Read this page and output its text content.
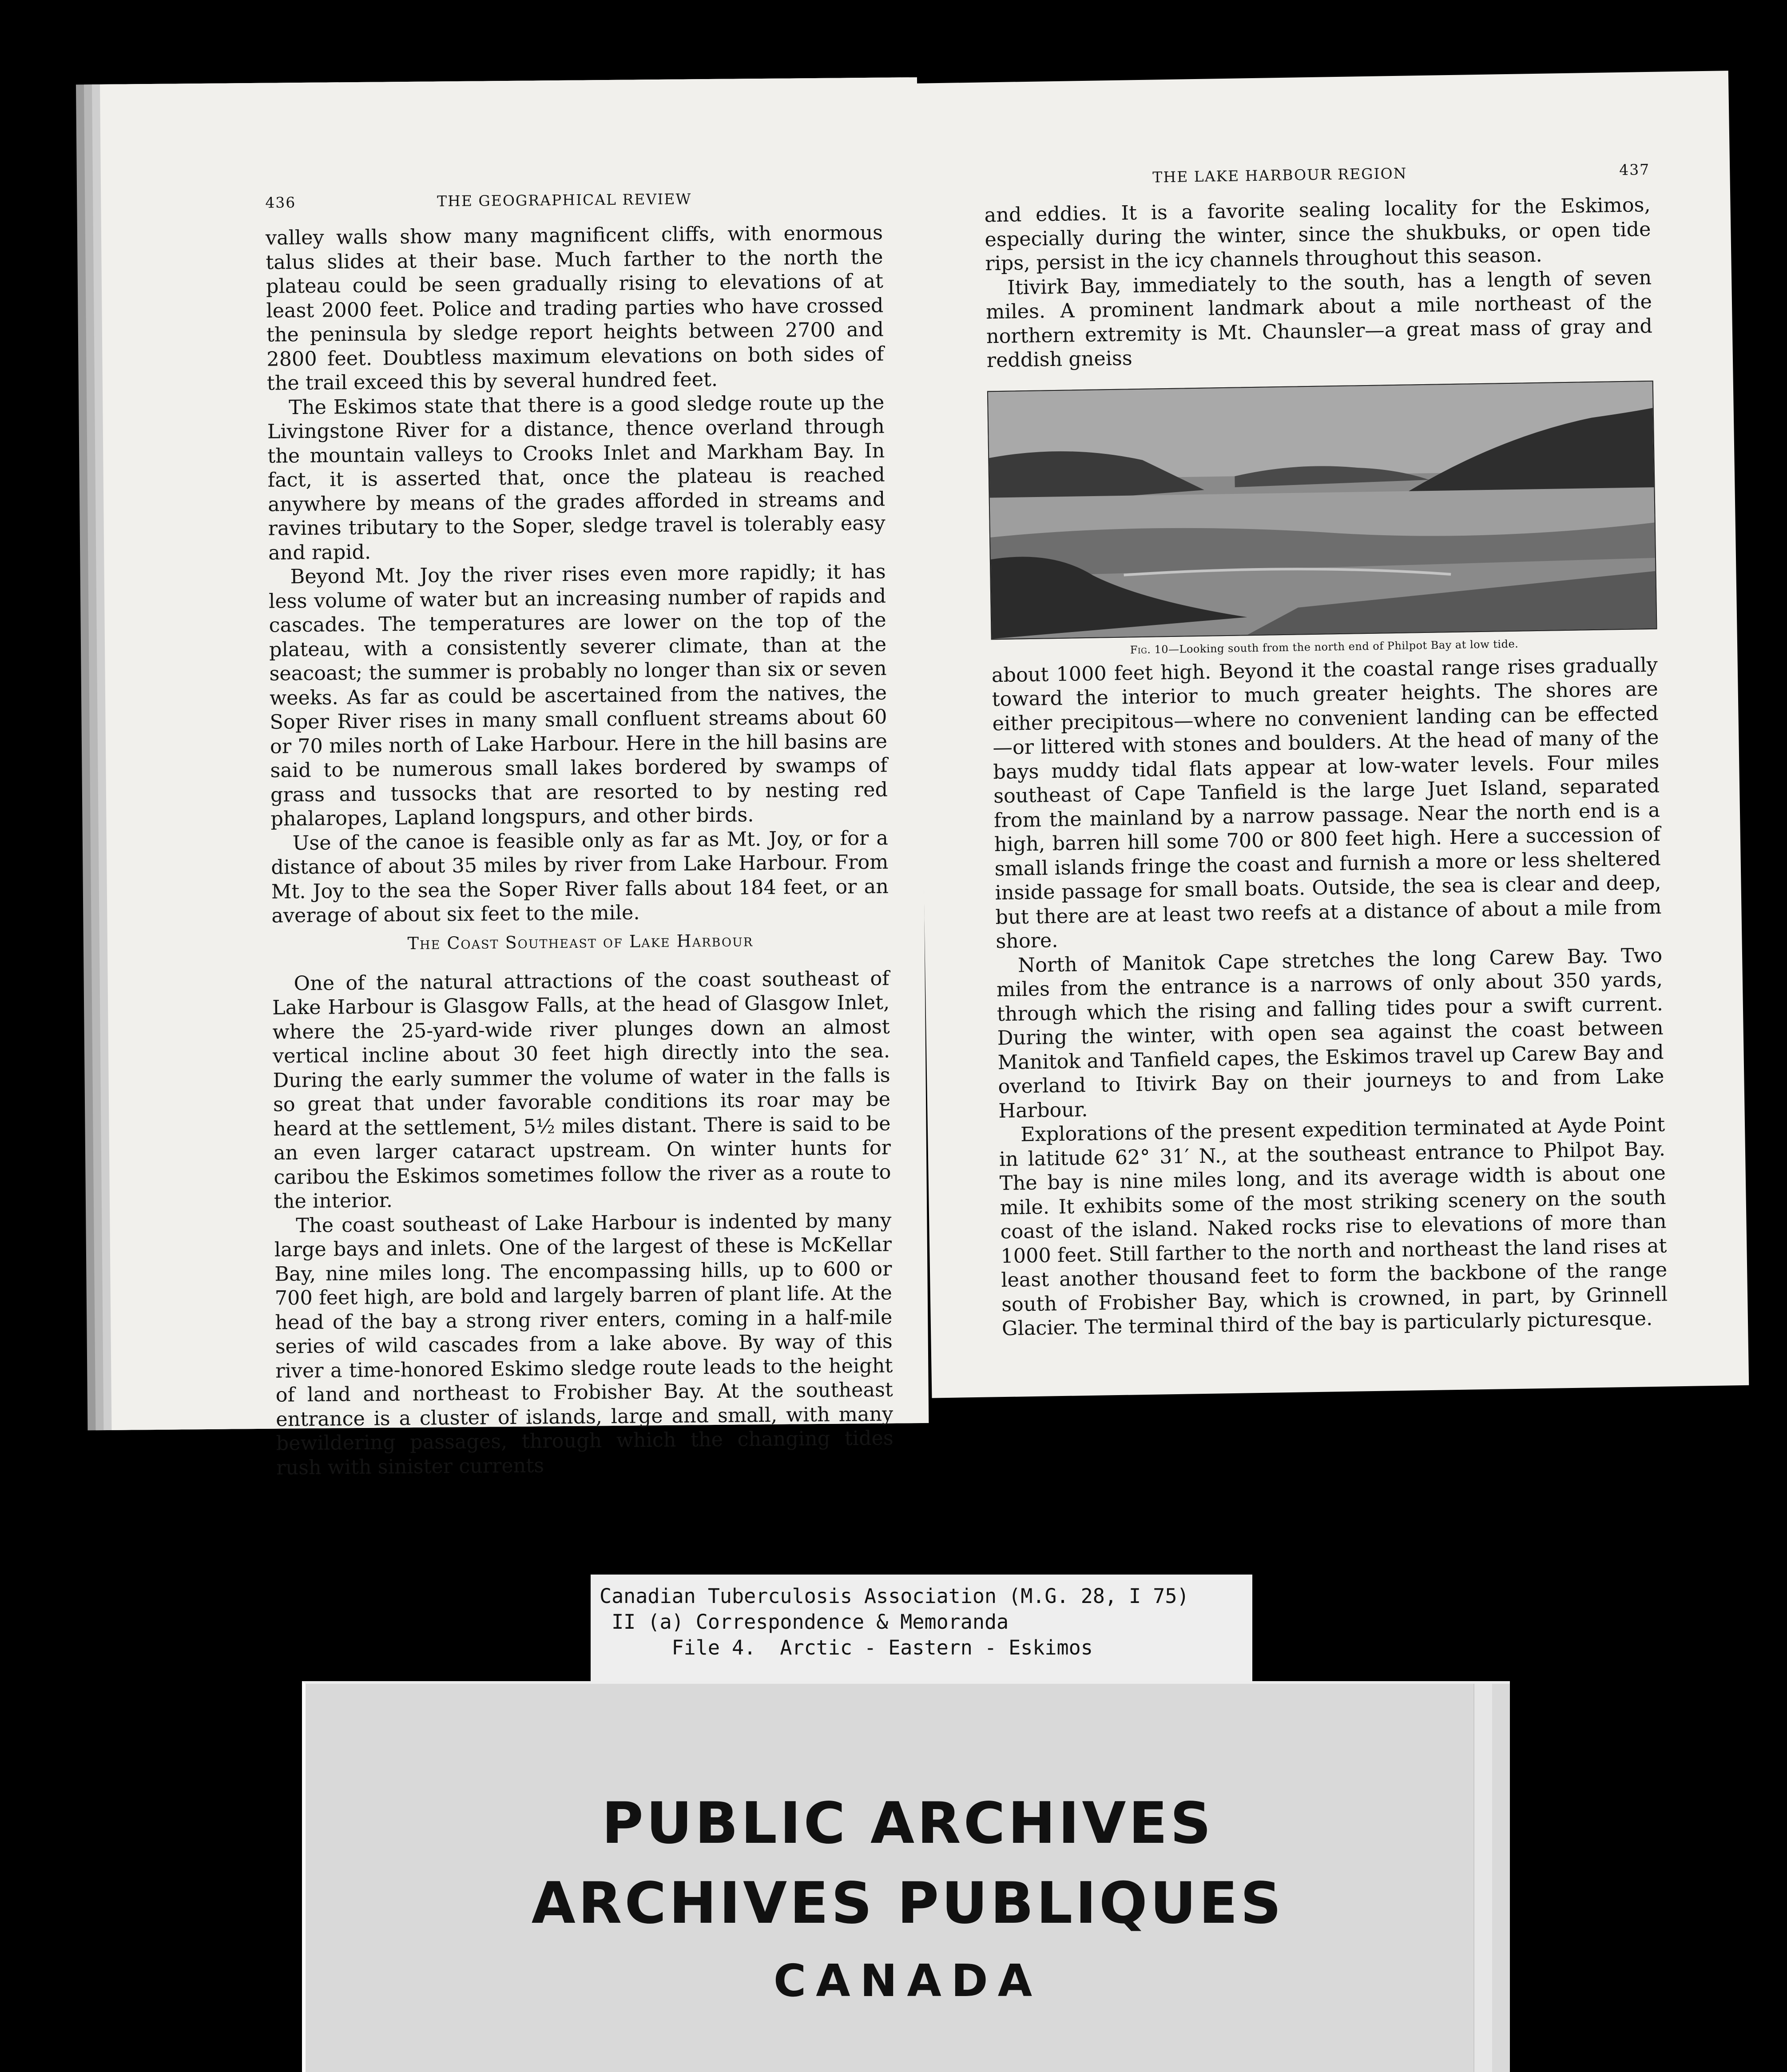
436	THE GEOGRAPHICAL REVIEW

valley walls show many magnificent cliffs, with enormous talus slides at their base. Much farther to the north the plateau could be seen gradually rising to elevations of at least 2000 feet. Police and trading parties who have crossed the peninsula by sledge report heights between 2700 and 2800 feet. Doubtless maximum elevations on both sides of the trail exceed this by several hundred feet.

The Eskimos state that there is a good sledge route up the Livingstone River for a distance, thence overland through the mountain valleys to Crooks Inlet and Markham Bay. In fact, it is asserted that, once the plateau is reached anywhere by means of the grades afforded in streams and ravines tributary to the Soper, sledge travel is tolerably easy and rapid.

Beyond Mt. Joy the river rises even more rapidly; it has less volume of water but an increasing number of rapids and cascades. The temperatures are lower on the top of the plateau, with a consistently severer climate, than at the seacoast; the summer is probably no longer than six or seven weeks. As far as could be ascertained from the natives, the Soper River rises in many small confluent streams about 60 or 70 miles north of Lake Harbour. Here in the hill basins are said to be numerous small lakes bordered by swamps of grass and tussocks that are resorted to by nesting red phalaropes, Lapland longspurs, and other birds.

Use of the canoe is feasible only as far as Mt. Joy, or for a distance of about 35 miles by river from Lake Harbour. From Mt. Joy to the sea the Soper River falls about 184 feet, or an average of about six feet to the mile.

The Coast Southeast of Lake Harbour

One of the natural attractions of the coast southeast of Lake Harbour is Glasgow Falls, at the head of Glasgow Inlet, where the 25-yard-wide river plunges down an almost vertical incline about 30 feet high directly into the sea. During the early summer the volume of water in the falls is so great that under favorable conditions its roar may be heard at the settlement, 5½ miles distant. There is said to be an even larger cataract upstream. On winter hunts for caribou the Eskimos sometimes follow the river as a route to the interior.

The coast southeast of Lake Harbour is indented by many large bays and inlets. One of the largest of these is McKellar Bay, nine miles long. The encompassing hills, up to 600 or 700 feet high, are bold and largely barren of plant life. At the head of the bay a strong river enters, coming in a half-mile series of wild cascades from a lake above. By way of this river a time-honored Eskimo sledge route leads to the height of land and northeast to Frobisher Bay. At the southeast entrance is a cluster of islands, large and small, with many bewildering passages, through which the changing tides rush with sinister currents

THE LAKE HARBOUR REGION	437

and eddies. It is a favorite sealing locality for the Eskimos, especially during the winter, since the shukbuks, or open tide rips, persist in the icy channels throughout this season.

Itivirk Bay, immediately to the south, has a length of seven miles. A prominent landmark about a mile northeast of the northern extremity is Mt. Chaunsler—a great mass of gray and reddish gneiss

Fig. 10—Looking south from the north end of Philpot Bay at low tide.

about 1000 feet high. Beyond it the coastal range rises gradually toward the interior to much greater heights. The shores are either precipitous—where no convenient landing can be effected—or littered with stones and boulders. At the head of many of the bays muddy tidal flats appear at low-water levels. Four miles southeast of Cape Tanfield is the large Juet Island, separated from the mainland by a narrow passage. Near the north end is a high, barren hill some 700 or 800 feet high. Here a succession of small islands fringe the coast and furnish a more or less sheltered inside passage for small boats. Outside, the sea is clear and deep, but there are at least two reefs at a distance of about a mile from shore.

North of Manitok Cape stretches the long Carew Bay. Two miles from the entrance is a narrows of only about 350 yards, through which the rising and falling tides pour a swift current. During the winter, with open sea against the coast between Manitok and Tanfield capes, the Eskimos travel up Carew Bay and overland to Itivirk Bay on their journeys to and from Lake Harbour.

Explorations of the present expedition terminated at Ayde Point in latitude 62° 31′ N., at the southeast entrance to Philpot Bay. The bay is nine miles long, and its average width is about one mile. It exhibits some of the most striking scenery on the south coast of the island. Naked rocks rise to elevations of more than 1000 feet. Still farther to the north and northeast the land rises at least another thousand feet to form the backbone of the range south of Frobisher Bay, which is crowned, in part, by Grinnell Glacier. The terminal third of the bay is particularly picturesque.

Canadian Tuberculosis Association (M.G. 28, I 75)
II (a) Correspondence & Memoranda
File 4.  Arctic - Eastern - Eskimos
PUBLIC ARCHIVES
ARCHIVES PUBLIQUES
CANADA
